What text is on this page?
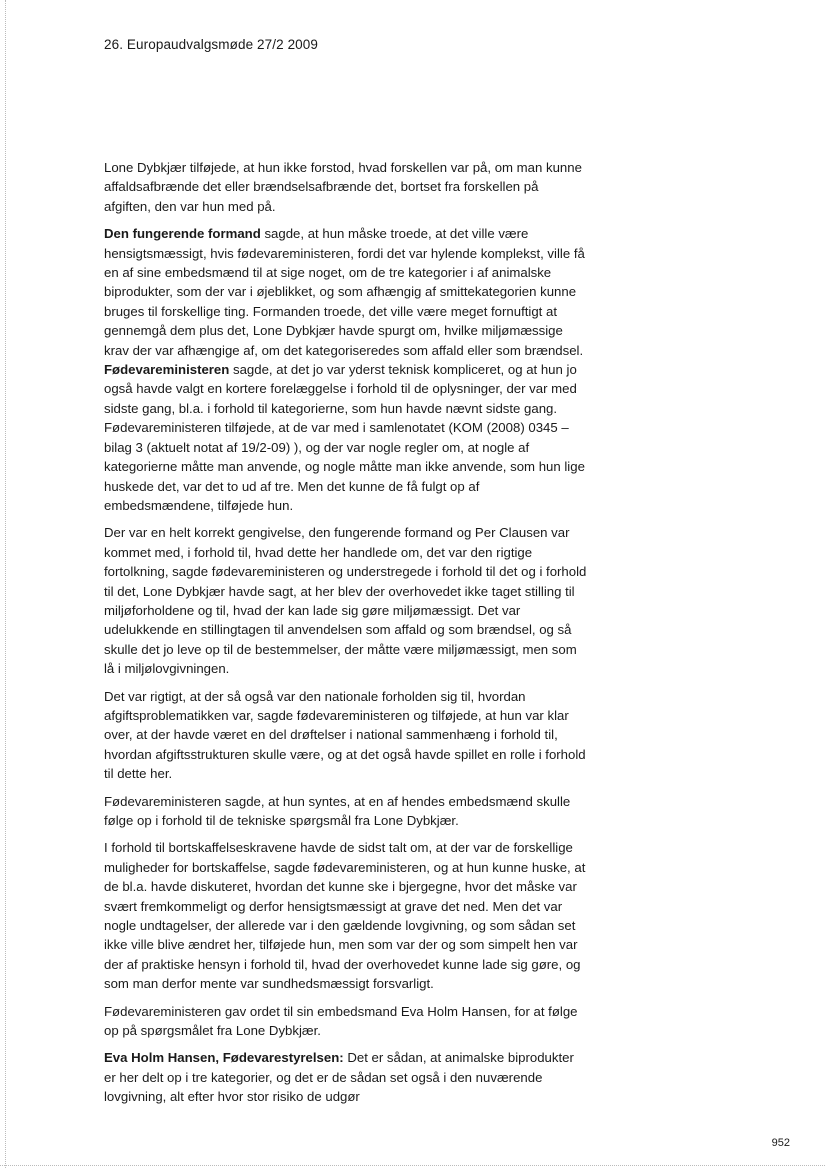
26. Europaudvalgsmøde 27/2 2009

Lone Dybkjær tilføjede, at hun ikke forstod, hvad forskellen var på, om man kunne affaldsafbrænde det eller brændselsafbrænde det, bortset fra forskellen på afgiften, den var hun med på.

Den fungerende formand sagde, at hun måske troede, at det ville være hensigtsmæssigt, hvis fødevareministeren, fordi det var hylende komplekst, ville få en af sine embedsmænd til at sige noget, om de tre kategorier i af animalske biprodukter, som der var i øjeblikket, og som afhængig af smittekategorien kunne bruges til forskellige ting. Formanden troede, det ville være meget fornuftigt at gennemgå dem plus det, Lone Dybkjær havde spurgt om, hvilke miljømæssige krav der var afhængige af, om det kategoriseredes som affald eller som brændsel.

Fødevareministeren sagde, at det jo var yderst teknisk kompliceret, og at hun jo også havde valgt en kortere forelæggelse i forhold til de oplysninger, der var med sidste gang, bl.a. i forhold til kategorierne, som hun havde nævnt sidste gang. Fødevareministeren tilføjede, at de var med i samlenotatet (KOM (2008) 0345 – bilag 3 (aktuelt notat af 19/2-09) ), og der var nogle regler om, at nogle af kategorierne måtte man anvende, og nogle måtte man ikke anvende, som hun lige huskede det, var det to ud af tre. Men det kunne de få fulgt op af embedsmændene, tilføjede hun.

Der var en helt korrekt gengivelse, den fungerende formand og Per Clausen var kommet med, i forhold til, hvad dette her handlede om, det var den rigtige fortolkning, sagde fødevareministeren og understregede i forhold til det og i forhold til det, Lone Dybkjær havde sagt, at her blev der overhovedet ikke taget stilling til miljøforholdene og til, hvad der kan lade sig gøre miljømæssigt. Det var udelukkende en stillingtagen til anvendelsen som affald og som brændsel, og så skulle det jo leve op til de bestemmelser, der måtte være miljømæssigt, men som lå i miljølovgivningen.

Det var rigtigt, at der så også var den nationale forholden sig til, hvordan afgiftsproblematikken var, sagde fødevareministeren og tilføjede, at hun var klar over, at der havde været en del drøftelser i national sammenhæng i forhold til, hvordan afgiftsstrukturen skulle være, og at det også havde spillet en rolle i forhold til dette her.

Fødevareministeren sagde, at hun syntes, at en af hendes embedsmænd skulle følge op i forhold til de tekniske spørgsmål fra Lone Dybkjær.

I forhold til bortskaffelseskravene havde de sidst talt om, at der var de forskellige muligheder for bortskaffelse, sagde fødevareministeren, og at hun kunne huske, at de bl.a. havde diskuteret, hvordan det kunne ske i bjergegne, hvor det måske var svært fremkommeligt og derfor hensigtsmæssigt at grave det ned. Men det var nogle undtagelser, der allerede var i den gældende lovgivning, og som sådan set ikke ville blive ændret her, tilføjede hun, men som var der og som simpelt hen var der af praktiske hensyn i forhold til, hvad der overhovedet kunne lade sig gøre, og som man derfor mente var sundhedsmæssigt forsvarligt.

Fødevareministeren gav ordet til sin embedsmand Eva Holm Hansen, for at følge op på spørgsmålet fra Lone Dybkjær.

Eva Holm Hansen, Fødevarestyrelsen: Det er sådan, at animalske biprodukter er her delt op i tre kategorier, og det er de sådan set også i den nuværende lovgivning, alt efter hvor stor risiko de udgør

952
